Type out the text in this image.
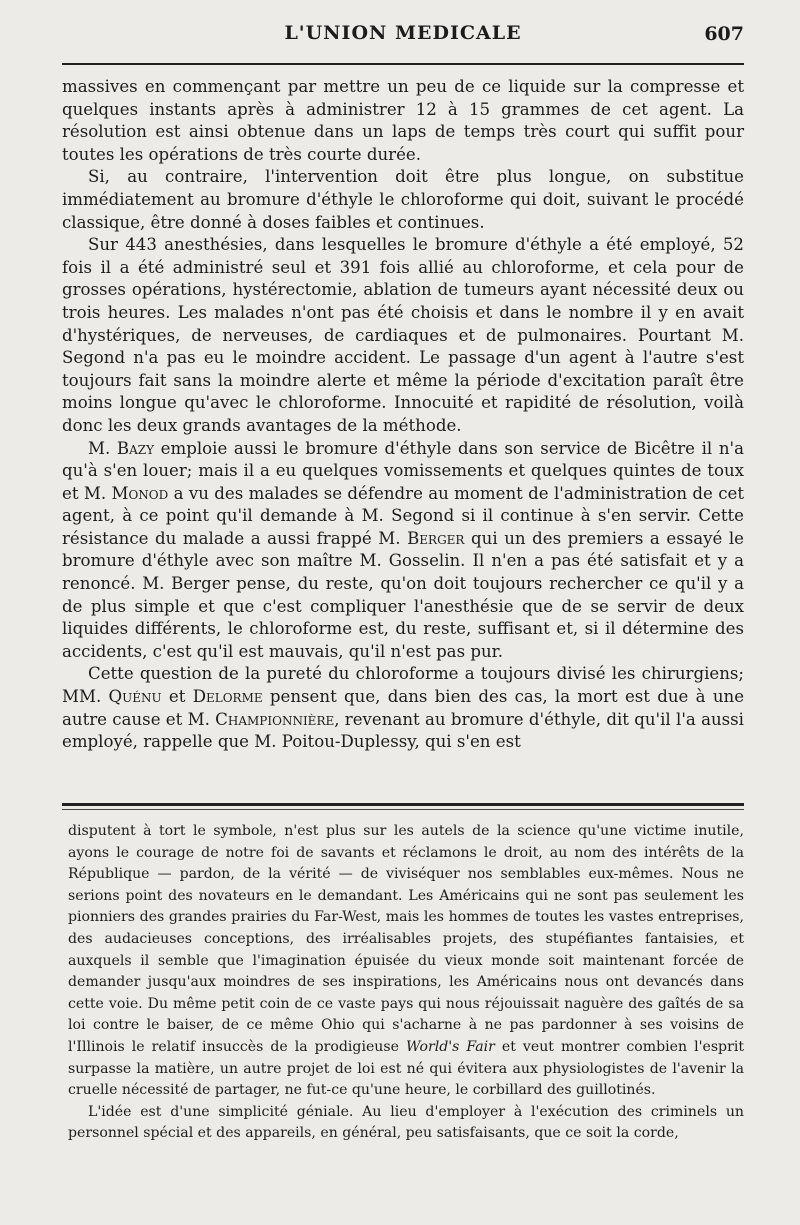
L'UNION MEDICALE	607

massives en commençant par mettre un peu de ce liquide sur la compresse et quelques instants après à administrer 12 à 15 grammes de cet agent. La résolution est ainsi obtenue dans un laps de temps très court qui suffit pour toutes les opérations de très courte durée.

Si, au contraire, l'intervention doit être plus longue, on substitue immédiatement au bromure d'éthyle le chloroforme qui doit, suivant le procédé classique, être donné à doses faibles et continues.

Sur 443 anesthésies, dans lesquelles le bromure d'éthyle a été employé, 52 fois il a été administré seul et 391 fois allié au chloroforme, et cela pour de grosses opérations, hystérectomie, ablation de tumeurs ayant nécessité deux ou trois heures. Les malades n'ont pas été choisis et dans le nombre il y en avait d'hystériques, de nerveuses, de cardiaques et de pulmonaires. Pourtant M. Segond n'a pas eu le moindre accident. Le passage d'un agent à l'autre s'est toujours fait sans la moindre alerte et même la période d'excitation paraît être moins longue qu'avec le chloroforme. Innocuité et rapidité de résolution, voilà donc les deux grands avantages de la méthode.

M. Bazy emploie aussi le bromure d'éthyle dans son service de Bicêtre il n'a qu'à s'en louer; mais il a eu quelques vomissements et quelques quintes de toux et M. Monod a vu des malades se défendre au moment de l'administration de cet agent, à ce point qu'il demande à M. Segond si il continue à s'en servir. Cette résistance du malade a aussi frappé M. Berger qui un des premiers a essayé le bromure d'éthyle avec son maître M. Gosselin. Il n'en a pas été satisfait et y a renoncé. M. Berger pense, du reste, qu'on doit toujours rechercher ce qu'il y a de plus simple et que c'est compliquer l'anesthésie que de se servir de deux liquides différents, le chloroforme est, du reste, suffisant et, si il détermine des accidents, c'est qu'il est mauvais, qu'il n'est pas pur.

Cette question de la pureté du chloroforme a toujours divisé les chirurgiens; MM. Quénu et Delorme pensent que, dans bien des cas, la mort est due à une autre cause et M. Championnière, revenant au bromure d'éthyle, dit qu'il l'a aussi employé, rappelle que M. Poitou-Duplessy, qui s'en est

disputent à tort le symbole, n'est plus sur les autels de la science qu'une victime inutile, ayons le courage de notre foi de savants et réclamons le droit, au nom des intérêts de la République — pardon, de la vérité — de viviséquer nos semblables eux-mêmes. Nous ne serions point des novateurs en le demandant. Les Américains qui ne sont pas seulement les pionniers des grandes prairies du Far-West, mais les hommes de toutes les vastes entreprises, des audacieuses conceptions, des irréalisables projets, des stupéfiantes fantaisies, et auxquels il semble que l'imagination épuisée du vieux monde soit maintenant forcée de demander jusqu'aux moindres de ses inspirations, les Américains nous ont devancés dans cette voie. Du même petit coin de ce vaste pays qui nous réjouissait naguère des gaîtés de sa loi contre le baiser, de ce même Ohio qui s'acharne à ne pas pardonner à ses voisins de l'Illinois le relatif insuccès de la prodigieuse World's Fair et veut montrer combien l'esprit surpasse la matière, un autre projet de loi est né qui évitera aux physiologistes de l'avenir la cruelle nécessité de partager, ne fut-ce qu'une heure, le corbillard des guillotinés.

L'idée est d'une simplicité géniale. Au lieu d'employer à l'exécution des criminels un personnel spécial et des appareils, en général, peu satisfaisants, que ce soit la corde,
